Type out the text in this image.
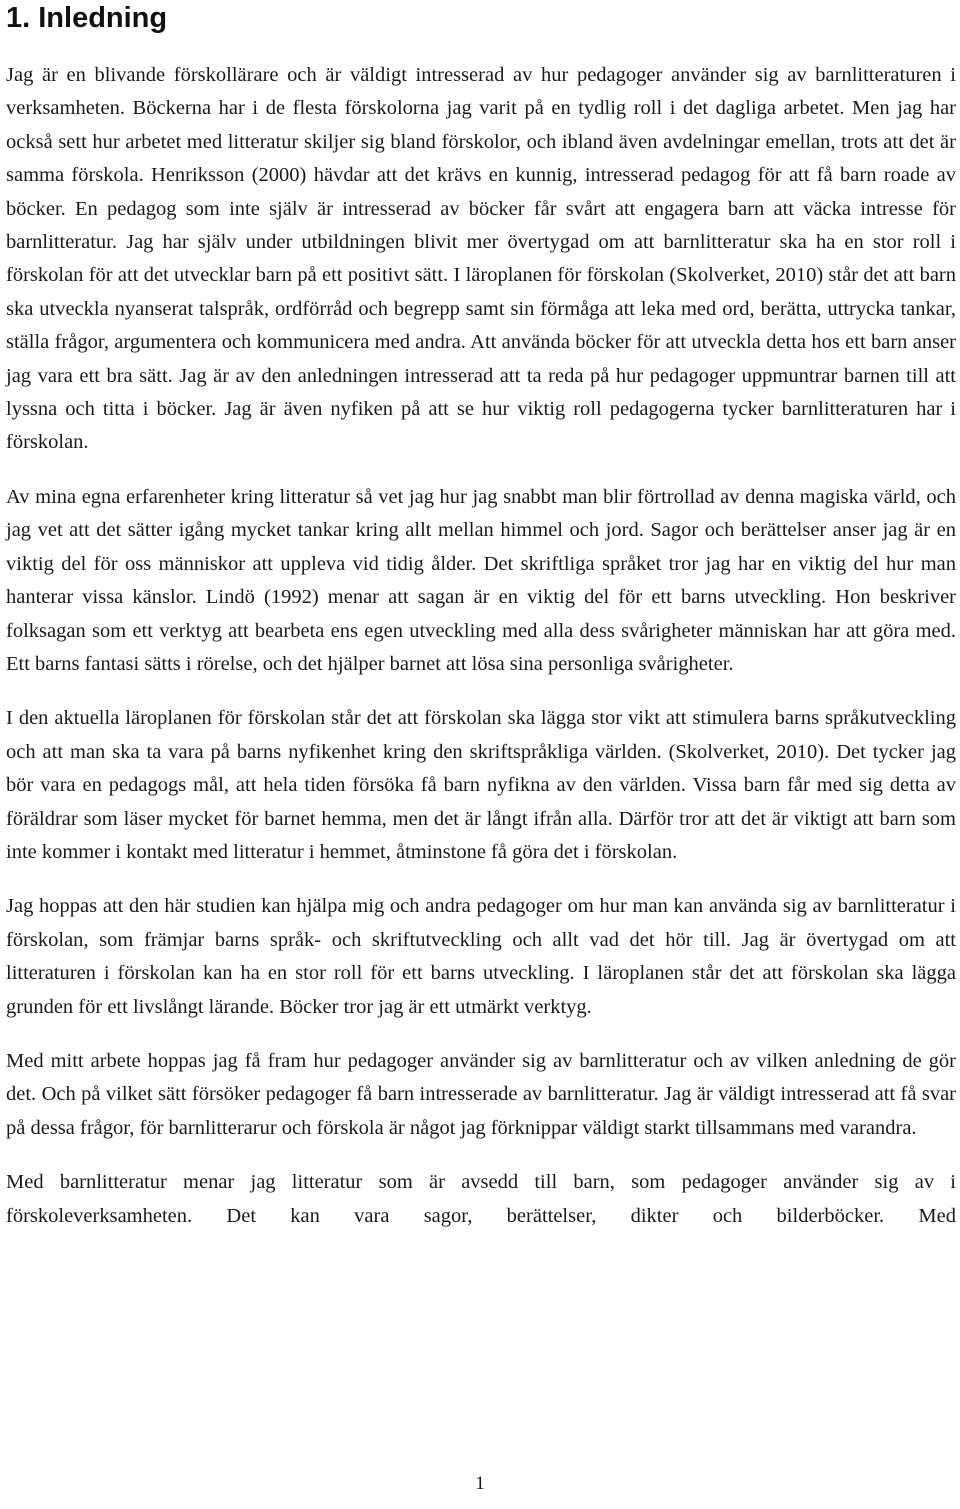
1. Inledning

Jag är en blivande förskollärare och är väldigt intresserad av hur pedagoger använder sig av barnlitteraturen i verksamheten. Böckerna har i de flesta förskolorna jag varit på en tydlig roll i det dagliga arbetet. Men jag har också sett hur arbetet med litteratur skiljer sig bland förskolor, och ibland även avdelningar emellan, trots att det är samma förskola. Henriksson (2000) hävdar att det krävs en kunnig, intresserad pedagog för att få barn roade av böcker. En pedagog som inte själv är intresserad av böcker får svårt att engagera barn att väcka intresse för barnlitteratur. Jag har själv under utbildningen blivit mer övertygad om att barnlitteratur ska ha en stor roll i förskolan för att det utvecklar barn på ett positivt sätt. I läroplanen för förskolan (Skolverket, 2010) står det att barn ska utveckla nyanserat talspråk, ordförråd och begrepp samt sin förmåga att leka med ord, berätta, uttrycka tankar, ställa frågor, argumentera och kommunicera med andra. Att använda böcker för att utveckla detta hos ett barn anser jag vara ett bra sätt. Jag är av den anledningen intresserad att ta reda på hur pedagoger uppmuntrar barnen till att lyssna och titta i böcker. Jag är även nyfiken på att se hur viktig roll pedagogerna tycker barnlitteraturen har i förskolan.

Av mina egna erfarenheter kring litteratur så vet jag hur jag snabbt man blir förtrollad av denna magiska värld, och jag vet att det sätter igång mycket tankar kring allt mellan himmel och jord. Sagor och berättelser anser jag är en viktig del för oss människor att uppleva vid tidig ålder. Det skriftliga språket tror jag har en viktig del hur man hanterar vissa känslor. Lindö (1992) menar att sagan är en viktig del för ett barns utveckling. Hon beskriver folksagan som ett verktyg att bearbeta ens egen utveckling med alla dess svårigheter människan har att göra med. Ett barns fantasi sätts i rörelse, och det hjälper barnet att lösa sina personliga svårigheter.

I den aktuella läroplanen för förskolan står det att förskolan ska lägga stor vikt att stimulera barns språkutveckling och att man ska ta vara på barns nyfikenhet kring den skriftspråkliga världen. (Skolverket, 2010). Det tycker jag bör vara en pedagogs mål, att hela tiden försöka få barn nyfikna av den världen. Vissa barn får med sig detta av föräldrar som läser mycket för barnet hemma, men det är långt ifrån alla. Därför tror att det är viktigt att barn som inte kommer i kontakt med litteratur i hemmet, åtminstone få göra det i förskolan.

Jag hoppas att den här studien kan hjälpa mig och andra pedagoger om hur man kan använda sig av barnlitteratur i förskolan, som främjar barns språk- och skriftutveckling och allt vad det hör till. Jag är övertygad om att litteraturen i förskolan kan ha en stor roll för ett barns utveckling. I läroplanen står det att förskolan ska lägga grunden för ett livslångt lärande. Böcker tror jag är ett utmärkt verktyg.

Med mitt arbete hoppas jag få fram hur pedagoger använder sig av barnlitteratur och av vilken anledning de gör det. Och på vilket sätt försöker pedagoger få barn intresserade av barnlitteratur. Jag är väldigt intresserad att få svar på dessa frågor, för barnlitterarur och förskola är något jag förknippar väldigt starkt tillsammans med varandra.

Med barnlitteratur menar jag litteratur som är avsedd till barn, som pedagoger använder sig av i förskoleverksamheten. Det kan vara sagor, berättelser, dikter och bilderböcker. Med

1
